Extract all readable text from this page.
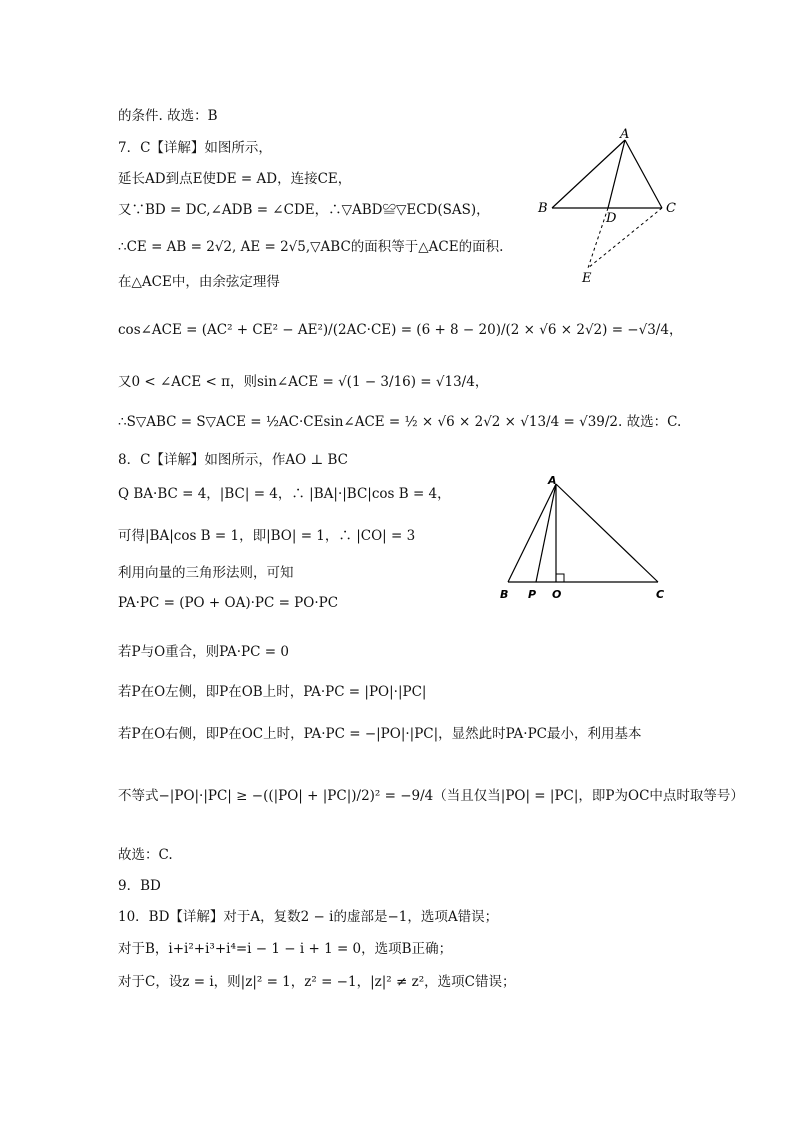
的条件. 故选：B
7．C【详解】如图所示，
延长AD到点E使DE = AD，连接CE，
又∵BD = DC,∠ADB = ∠CDE，∴▽ABD≌▽ECD(SAS)，
∴CE = AB = 2√2, AE = 2√5,▽ABC的面积等于△ACE的面积.
在△ACE中，由余弦定理得
cos∠ACE = (AC² + CE² − AE²)/(2AC·CE) = (6 + 8 − 20)/(2 × √6 × 2√2) = −√3/4，
又0 < ∠ACE < π，则sin∠ACE = √(1 − 3/16) = √13/4，
∴S▽ABC = S▽ACE = ½AC·CEsin∠ACE = ½ × √6 × 2√2 × √13/4 = √39/2. 故选：C.
8．C【详解】如图所示，作AO ⊥ BC
Q BA·BC = 4，|BC| = 4，∴ |BA|·|BC|cos B = 4，
可得|BA|cos B = 1，即|BO| = 1，∴ |CO| = 3
利用向量的三角形法则，可知
PA·PC = (PO + OA)·PC = PO·PC
若P与O重合，则PA·PC = 0
若P在O左侧，即P在OB上时，PA·PC = |PO|·|PC|
若P在O右侧，即P在OC上时，PA·PC = −|PO|·|PC|，显然此时PA·PC最小，利用基本
不等式−|PO|·|PC| ≥ −((|PO| + |PC|)/2)² = −9/4（当且仅当|PO| = |PC|，即P为OC中点时取等号）
故选：C.
9．BD
10．BD【详解】对于A，复数2 − i的虚部是−1，选项A错误；
对于B，i+i²+i³+i⁴=i − 1 − i + 1 = 0，选项B正确；
对于C，设z = i，则|z|² = 1，z² = −1，|z|² ≠ z²，选项C错误；
A
B	C
D
E
A
B P O	C
